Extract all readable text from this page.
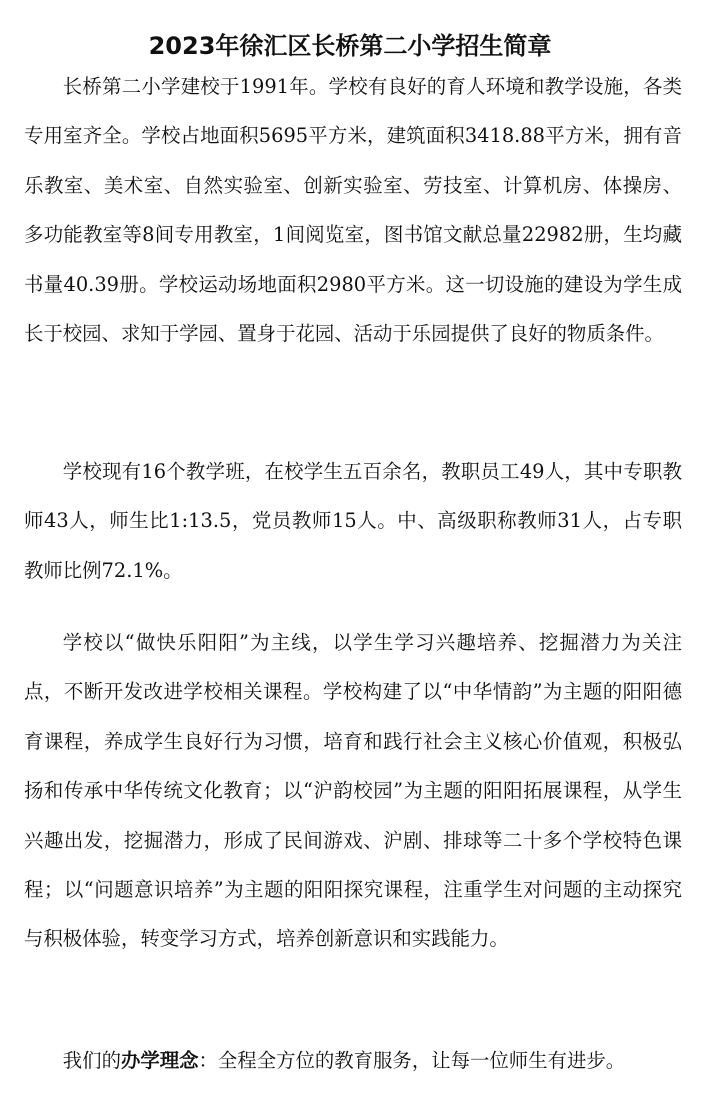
2023年徐汇区长桥第二小学招生简章

长桥第二小学建校于1991年。学校有良好的育人环境和教学设施，各类专用室齐全。学校占地面积5695平方米，建筑面积3418.88平方米，拥有音乐教室、美术室、自然实验室、创新实验室、劳技室、计算机房、体操房、多功能教室等8间专用教室，1间阅览室，图书馆文献总量22982册，生均藏书量40.39册。学校运动场地面积2980平方米。这一切设施的建设为学生成长于校园、求知于学园、置身于花园、活动于乐园提供了良好的物质条件。

学校现有16个教学班，在校学生五百余名，教职员工49人，其中专职教师43人，师生比1:13.5，党员教师15人。中、高级职称教师31人，占专职教师比例72.1%。

学校以“做快乐阳阳”为主线，以学生学习兴趣培养、挖掘潜力为关注点，不断开发改进学校相关课程。学校构建了以“中华情韵”为主题的阳阳德育课程，养成学生良好行为习惯，培育和践行社会主义核心价值观，积极弘扬和传承中华传统文化教育；以“沪韵校园”为主题的阳阳拓展课程，从学生兴趣出发，挖掘潜力，形成了民间游戏、沪剧、排球等二十多个学校特色课程；以“问题意识培养”为主题的阳阳探究课程，注重学生对问题的主动探究与积极体验，转变学习方式，培养创新意识和实践能力。

我们的办学理念：全程全方位的教育服务，让每一位师生有进步。
